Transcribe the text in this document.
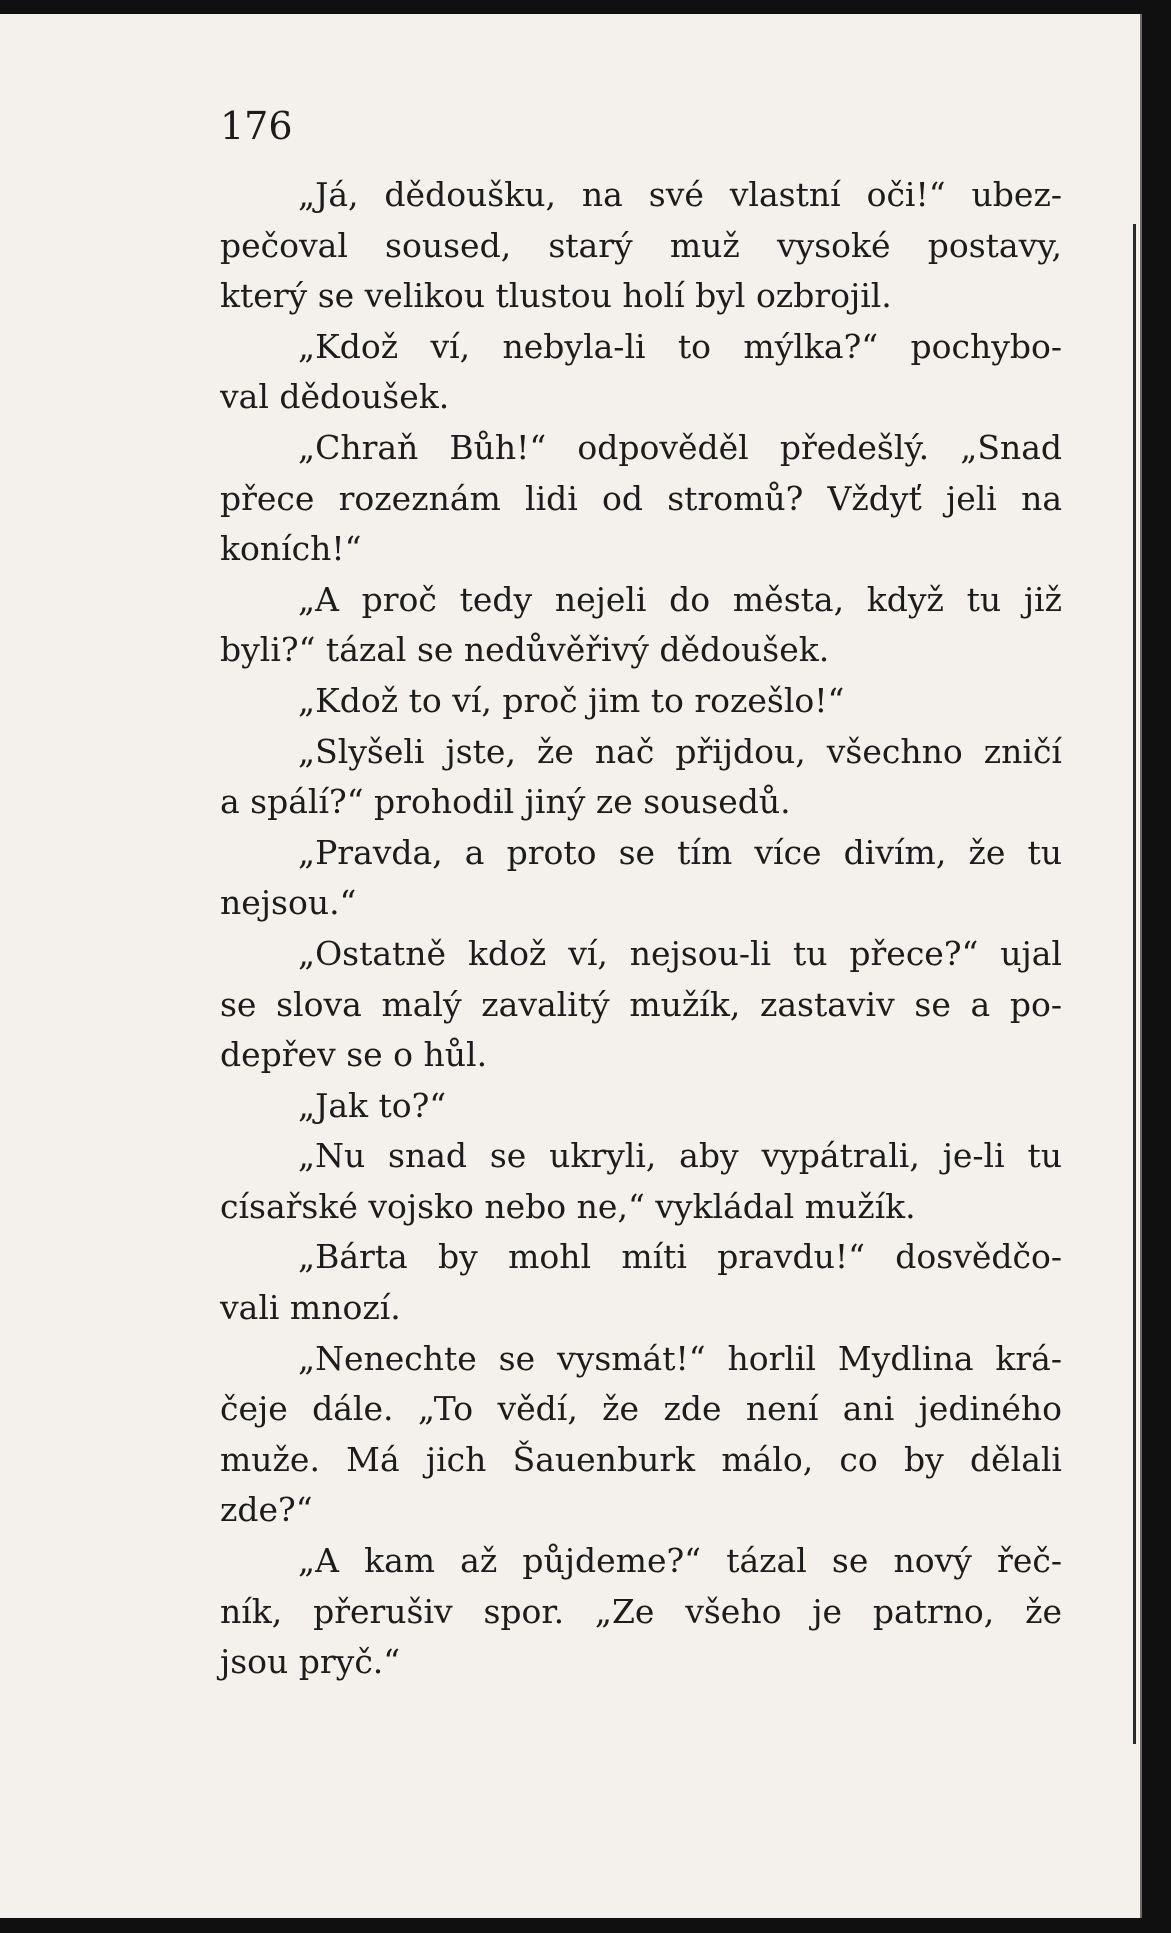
176
„Já, dědoušku, na své vlastní oči!“ ubez-
pečoval soused, starý muž vysoké postavy,
který se velikou tlustou holí byl ozbrojil.
„Kdož ví, nebyla-li to mýlka?“ pochybo-
val dědoušek.
„Chraň Bůh!“ odpověděl předešlý. „Snad
přece rozeznám lidi od stromů? Vždyť jeli na
koních!“
„A proč tedy nejeli do města, když tu již
byli?“ tázal se nedůvěřivý dědoušek.
„Kdož to ví, proč jim to rozešlo!“
„Slyšeli jste, že nač přijdou, všechno zničí
a spálí?“ prohodil jiný ze sousedů.
„Pravda, a proto se tím více divím, že tu
nejsou.“
„Ostatně kdož ví, nejsou-li tu přece?“ ujal
se slova malý zavalitý mužík, zastaviv se a po-
depřev se o hůl.
„Jak to?“
„Nu snad se ukryli, aby vypátrali, je-li tu
císařské vojsko nebo ne,“ vykládal mužík.
„Bárta by mohl míti pravdu!“ dosvědčo-
vali mnozí.
„Nenechte se vysmát!“ horlil Mydlina krá-
čeje dále. „To vědí, že zde není ani jediného
muže. Má jich Šauenburk málo, co by dělali
zde?“
„A kam až půjdeme?“ tázal se nový řeč-
ník, přerušiv spor. „Ze všeho je patrno, že
jsou pryč.“
